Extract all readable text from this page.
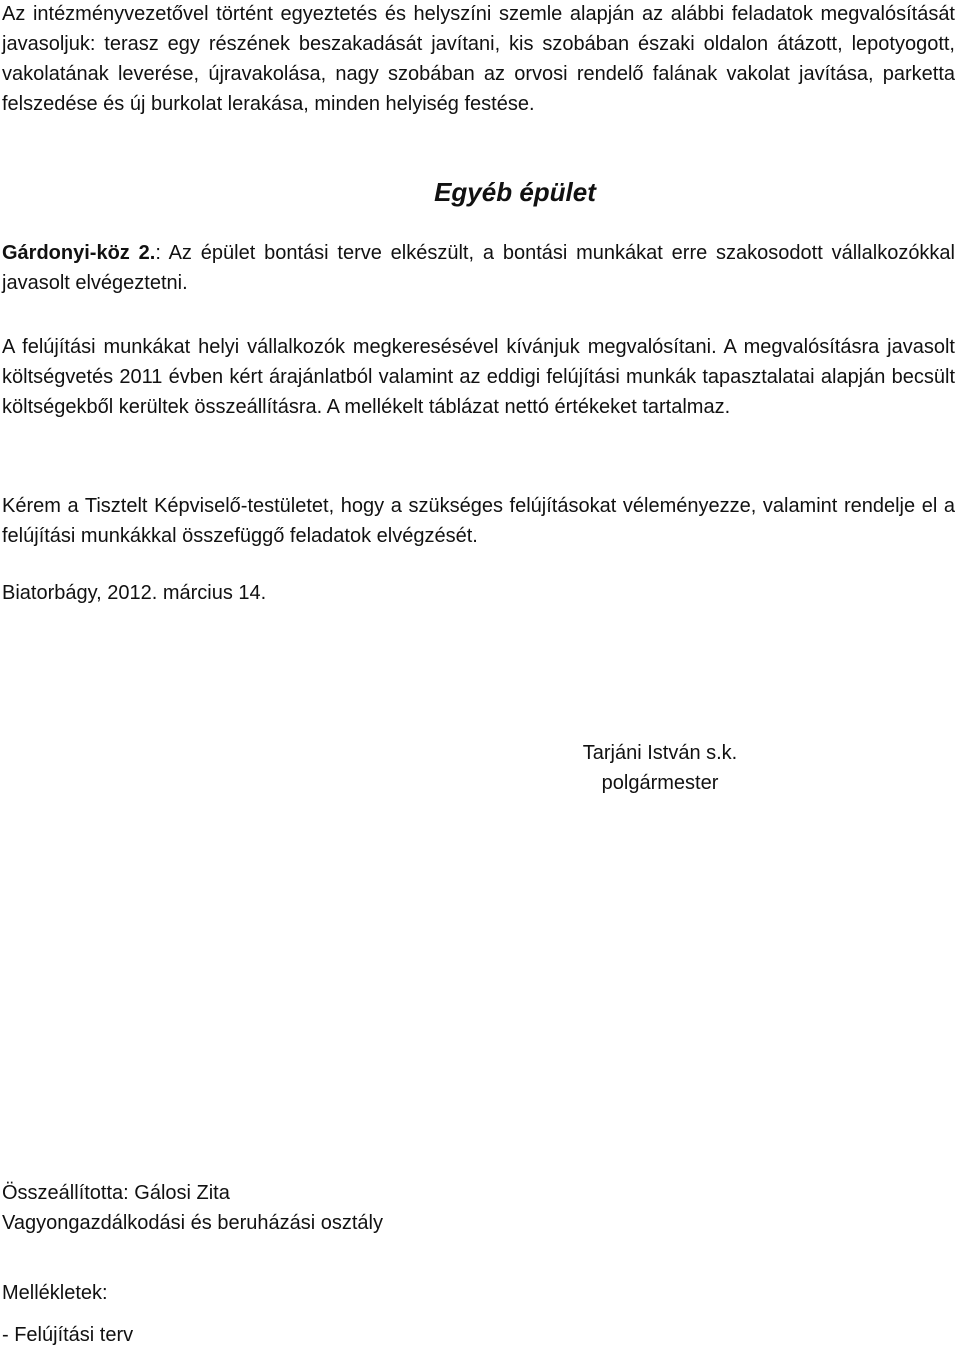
Az intézményvezetővel történt egyeztetés és helyszíni szemle alapján az alábbi feladatok megvalósítását javasoljuk: terasz egy részének beszakadását javítani, kis szobában északi oldalon átázott, lepotyogott, vakolatának leverése, újravakolása, nagy szobában az orvosi rendelő falának vakolat javítása, parketta felszedése és új burkolat lerakása, minden helyiség festése.

Egyéb épület

Gárdonyi-köz 2.: Az épület bontási terve elkészült, a bontási munkákat erre szakosodott vállalkozókkal javasolt elvégeztetni.

A felújítási munkákat helyi vállalkozók megkeresésével kívánjuk megvalósítani. A megvalósításra javasolt költségvetés 2011 évben kért árajánlatból valamint az eddigi felújítási munkák tapasztalatai alapján becsült költségekből kerültek összeállításra. A mellékelt táblázat nettó értékeket tartalmaz.

Kérem a Tisztelt Képviselő-testületet, hogy a szükséges felújításokat véleményezze, valamint rendelje el a felújítási munkákkal összefüggő feladatok elvégzését.

Biatorbágy, 2012. március 14.
Tarjáni István s.k.
polgármester
Összeállította: Gálosi Zita
Vagyongazdálkodási és beruházási osztály
Mellékletek:
- Felújítási terv
